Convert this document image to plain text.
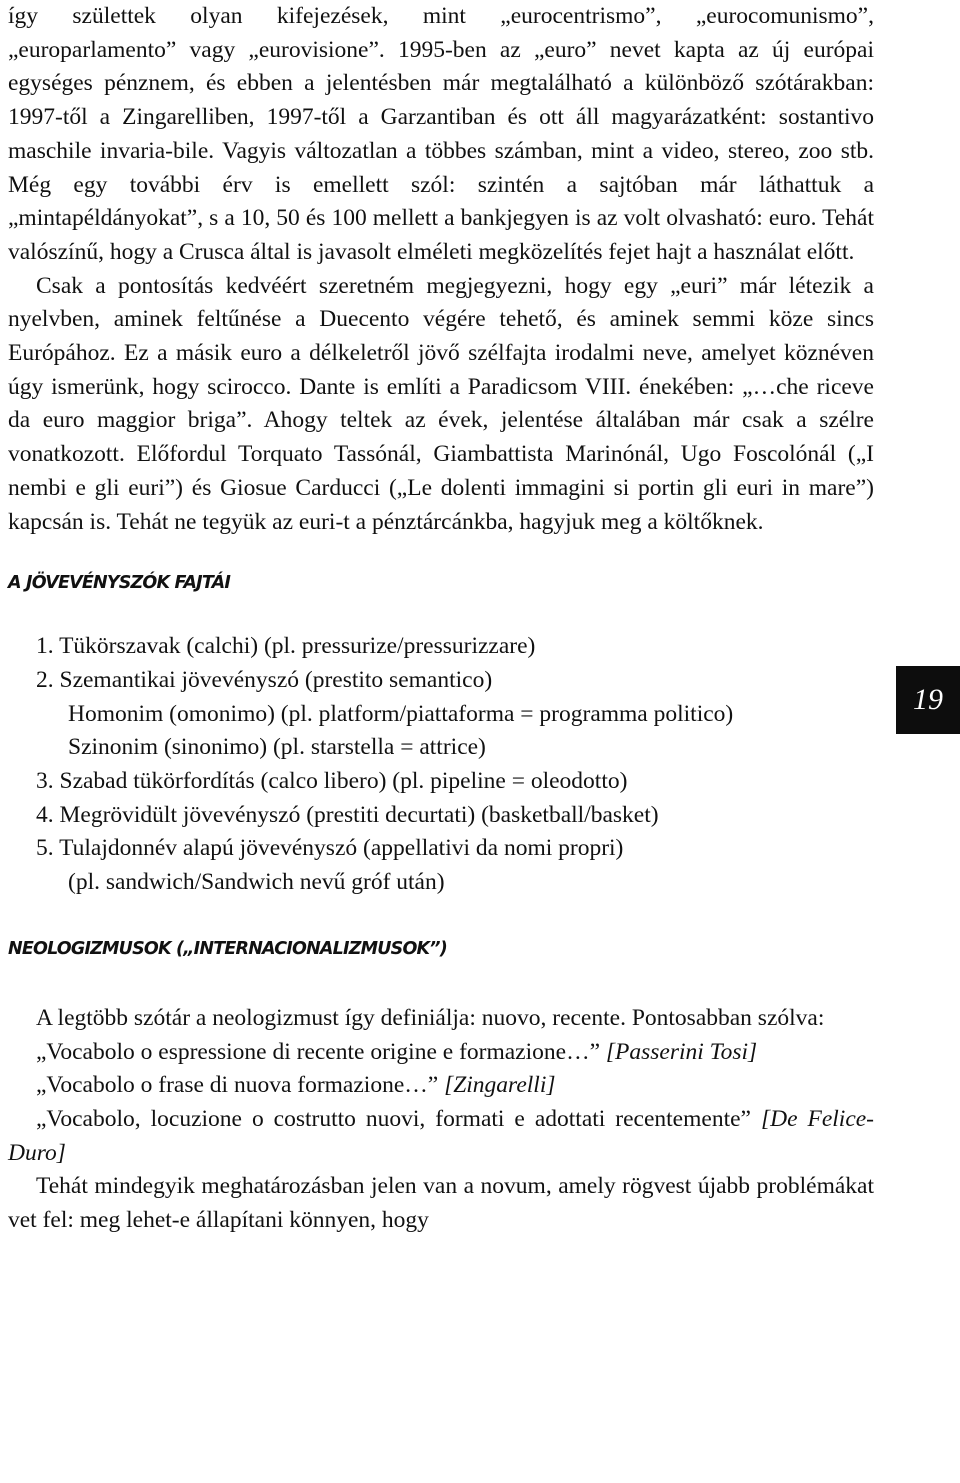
így születtek olyan kifejezések, mint „eurocentrismo”, „eurocomunismo”, „europarlamento” vagy „eurovisione”. 1995-ben az „euro” nevet kapta az új európai egységes pénznem, és ebben a jelentésben már megtalálható a különböző szótárakban: 1997-től a Zingarelliben, 1997-től a Garzantiban és ott áll magyarázatként: sostantivo maschile invaria-bile. Vagyis változatlan a többes számban, mint a video, stereo, zoo stb. Még egy további érv is emellett szól: szintén a sajtóban már láthattuk a „mintapéldányokat”, s a 10, 50 és 100 mellett a bankjegyen is az volt olvasható: euro. Tehát valószínű, hogy a Crusca által is javasolt elméleti megközelítés fejet hajt a használat előtt.

Csak a pontosítás kedvéért szeretném megjegyezni, hogy egy „euri” már létezik a nyelvben, aminek feltűnése a Duecento végére tehető, és aminek semmi köze sincs Európához. Ez a másik euro a délkeletről jövő szélfajta irodalmi neve, amelyet köznéven úgy ismerünk, hogy scirocco. Dante is említi a Paradicsom VIII. énekében: „…che riceve da euro maggior briga”. Ahogy teltek az évek, jelentése általában már csak a szélre vonatkozott. Előfordul Torquato Tassónál, Giambattista Marinónál, Ugo Foscolónál („I nembi e gli euri”) és Giosue Carducci („Le dolenti immagini si portin gli euri in mare”) kapcsán is. Tehát ne tegyük az euri-t a pénztárcánkba, hagyjuk meg a költőknek.

A JÖVEVÉNYSZÓK FAJTÁI
1. Tükörszavak (calchi) (pl. pressurize/pressurizzare)
2. Szemantikai jövevényszó (prestito semantico)
Homonim (omonimo) (pl. platform/piattaforma = programma politico)
Szinonim (sinonimo) (pl. starstella = attrice)
3. Szabad tükörfordítás (calco libero) (pl. pipeline = oleodotto)
4. Megrövidült jövevényszó (prestiti decurtati) (basketball/basket)
5. Tulajdonnév alapú jövevényszó (appellativi da nomi propri)
(pl. sandwich/Sandwich nevű gróf után)
NEOLOGIZMUSOK („INTERNACIONALIZMUSOK”)

A legtöbb szótár a neologizmust így definiálja: nuovo, recente. Pontosabban szólva:

„Vocabolo o espressione di recente origine e formazione…” [Passerini Tosi]

„Vocabolo o frase di nuova formazione…” [Zingarelli]

„Vocabolo, locuzione o costrutto nuovi, formati e adottati recentemente” [De Felice-Duro]

Tehát mindegyik meghatározásban jelen van a novum, amely rögvest újabb problémákat vet fel: meg lehet-e állapítani könnyen, hogy

19
